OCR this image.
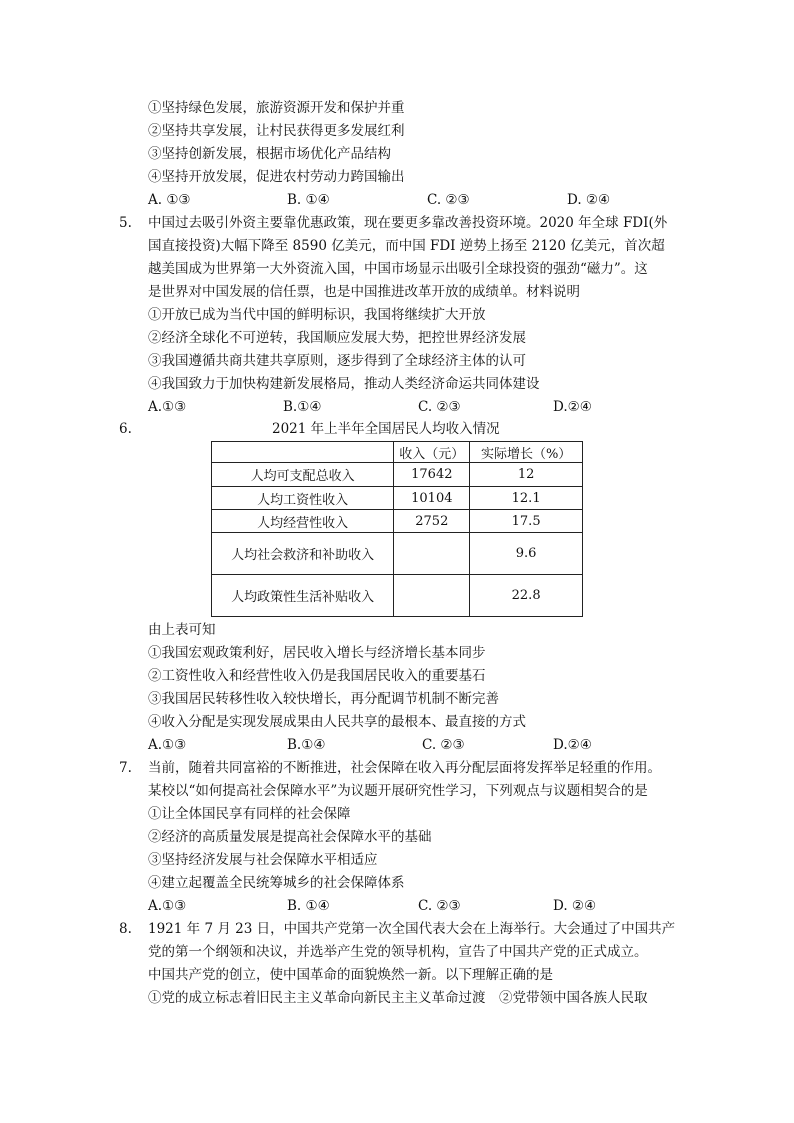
①坚持绿色发展，旅游资源开发和保护并重
②坚持共享发展，让村民获得更多发展红利
③坚持创新发展，根据市场优化产品结构
④坚持开放发展，促进农村劳动力跨国输出
A. ①③	B. ①④	C. ②③	D. ②④
5. 中国过去吸引外资主要靠优惠政策，现在要更多靠改善投资环境。2020 年全球 FDI(外
国直接投资)大幅下降至 8590 亿美元，而中国 FDI 逆势上扬至 2120 亿美元，首次超
越美国成为世界第一大外资流入国，中国市场显示出吸引全球投资的强劲“磁力”。这
是世界对中国发展的信任票，也是中国推进改革开放的成绩单。材料说明
①开放已成为当代中国的鲜明标识，我国将继续扩大开放
②经济全球化不可逆转，我国顺应发展大势，把控世界经济发展
③我国遵循共商共建共享原则，逐步得到了全球经济主体的认可
④我国致力于加快构建新发展格局，推动人类经济命运共同体建设
A.①③	B.①④	C. ②③	D.②④
6.	2021 年上半年全国居民人均收入情况
	收入（元）	实际增长（%）
人均可支配总收入	17642	12
人均工资性收入	10104	12.1
人均经营性收入	2752	17.5
人均社会救济和补助收入		9.6
人均政策性生活补贴收入		22.8
由上表可知
①我国宏观政策利好，居民收入增长与经济增长基本同步
②工资性收入和经营性收入仍是我国居民收入的重要基石
③我国居民转移性收入较快增长，再分配调节机制不断完善
④收入分配是实现发展成果由人民共享的最根本、最直接的方式
A.①③	B.①④	C. ②③	D.②④
7. 当前，随着共同富裕的不断推进，社会保障在收入再分配层面将发挥举足轻重的作用。
某校以“如何提高社会保障水平”为议题开展研究性学习，下列观点与议题相契合的是
①让全体国民享有同样的社会保障
②经济的高质量发展是提高社会保障水平的基础
③坚持经济发展与社会保障水平相适应
④建立起覆盖全民统筹城乡的社会保障体系
A.①③	B. ①④	C. ②③	D. ②④
8. 1921 年 7 月 23 日，中国共产党第一次全国代表大会在上海举行。大会通过了中国共产
党的第一个纲领和决议，并选举产生党的领导机构，宣告了中国共产党的正式成立。
中国共产党的创立，使中国革命的面貌焕然一新。以下理解正确的是
①党的成立标志着旧民主主义革命向新民主主义革命过渡　②党带领中国各族人民取
